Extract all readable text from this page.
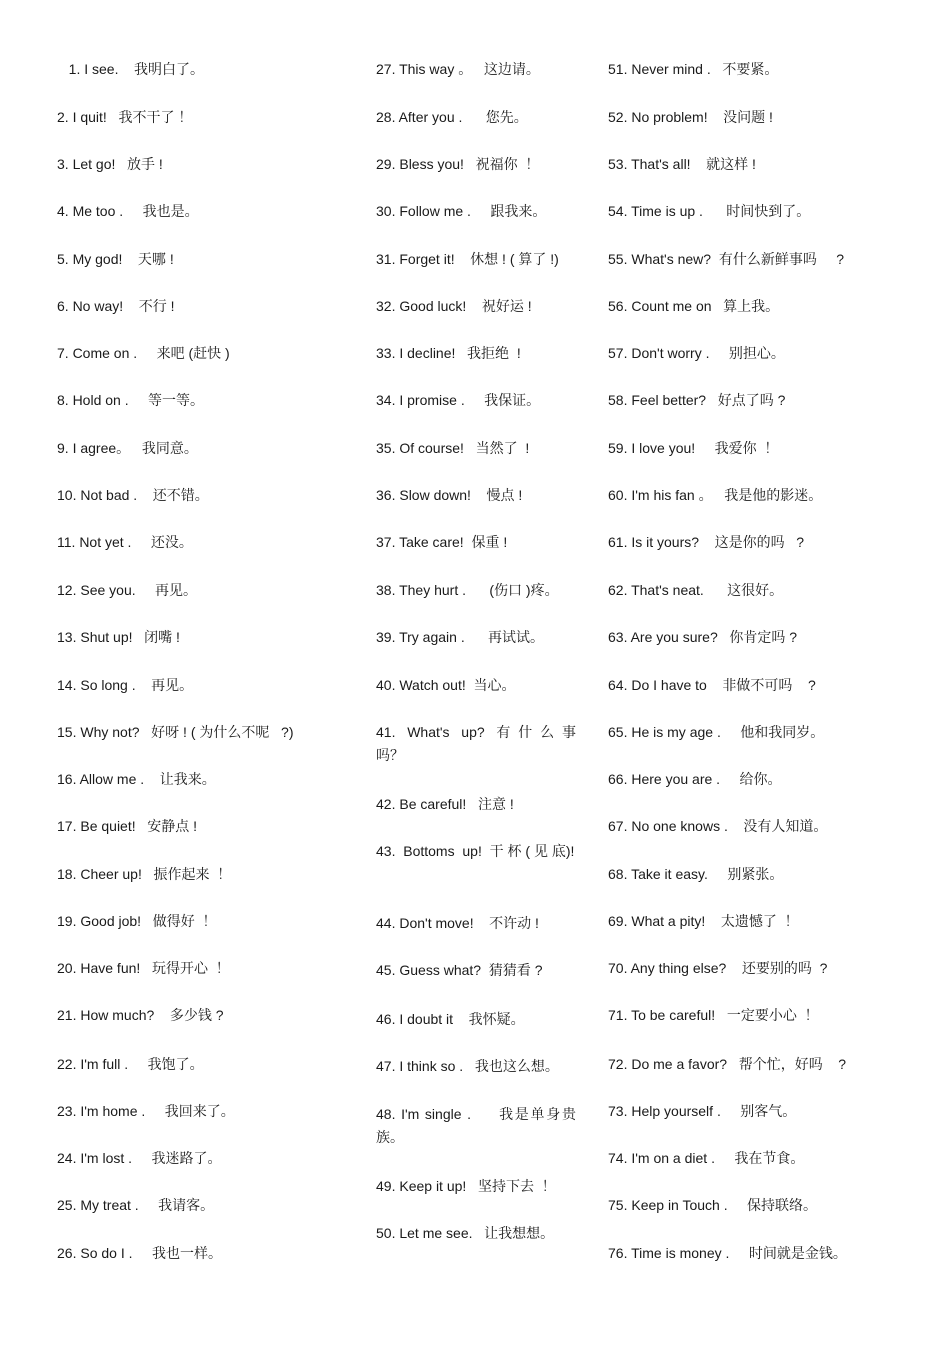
1. I see.    我明白了。

2. I quit!   我不干了 ！

3. Let go!   放手 !

4. Me too .     我也是。

5. My god!    天哪 !

6. No way!    不行 !

7. Come on .     来吧 (赶快 )

8. Hold on .     等一等。

9. I agree。   我同意。

10. Not bad .    还不错。

11. Not yet .     还没。

12. See you.     再见。

13. Shut up!   闭嘴 !

14. So long .    再见。

15. Why not?   好呀 ! ( 为什么不呢   ?)

16. Allow me .    让我来。

17. Be quiet!   安静点 !

18. Cheer up!   振作起来  ！

19. Good job!   做得好  ！

20. Have fun!   玩得开心  ！

21. How much?    多少钱 ?

22. I'm full .     我饱了。

23. I'm home .     我回来了。

24. I'm lost .     我迷路了。

25. My treat .     我请客。

26. So do I .     我也一样。

27. This way 。   这边请。

28. After you .      您先。

29. Bless you!   祝福你  ！

30. Follow me .     跟我来。

31. Forget it!    休想 ! ( 算了 !)

32. Good luck!    祝好运 !

33. I decline!   我拒绝  !

34. I promise .     我保证。

35. Of course!   当然了  !

36. Slow down!    慢点 !

37. Take care!  保重 !

38. They hurt .      (伤口 )疼。

39. Try again .      再试试。

40. Watch out!  当心。

41.  What's  up?  有 什 么 事 吗？

42. Be careful!   注意 !

43.  Bottoms  up!  干 杯 ( 见 底)!

44. Don't move!    不许动 !

45. Guess what?  猜猜看 ?

46. I doubt it    我怀疑。

47. I think so .   我也这么想。

48. I'm single .     我是单身贵族。

49. Keep it up!   坚持下去  ！

50. Let me see.   让我想想。

51. Never mind .   不要紧。

52. No problem!    没问题 !

53. That's all!    就这样 !

54. Time is up .      时间快到了。

55. What's new?  有什么新鲜事吗     ?

56. Count me on   算上我。

57. Don't worry .     别担心。

58. Feel better?   好点了吗 ?

59. I love you!     我爱你  ！

60. I'm his fan 。   我是他的影迷。

61. Is it yours?    这是你的吗   ?

62. That's neat.      这很好。

63. Are you sure?   你肯定吗 ?

64. Do I have to    非做不可吗    ?

65. He is my age .     他和我同岁。

66. Here you are .     给你。

67. No one knows .    没有人知道。

68. Take it easy.     别紧张。

69. What a pity!    太遗憾了  ！

70. Any thing else?    还要别的吗  ?

71. To be careful!   一定要小心  ！

72. Do me a favor?   帮个忙，好吗    ?

73. Help yourself .     别客气。

74. I'm on a diet .     我在节食。

75. Keep in Touch .     保持联络。

76. Time is money .     时间就是金钱。
